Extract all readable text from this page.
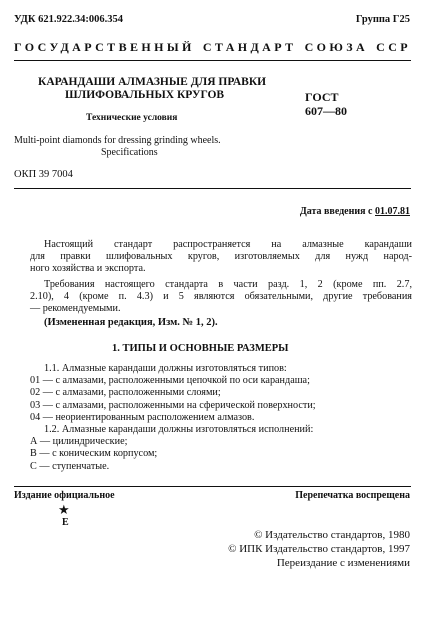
УДК 621.922.34:006.354	Группа Г25
ГОСУДАРСТВЕННЫЙ СТАНДАРТ СОЮЗА ССР
КАРАНДАШИ АЛМАЗНЫЕ ДЛЯ ПРАВКИ
ШЛИФОВАЛЬНЫХ КРУГОВ
Технические условия
Multi-point diamonds for dressing grinding wheels.
Specifications
ГОСТ
607—80
ОКП 39 7004
Дата введения с 01.07.81
Настоящий стандарт распространяется на алмазные карандаши
для правки шлифовальных кругов, изготовляемых для нужд народ-
ного хозяйства и экспорта.
Требования настоящего стандарта в части разд. 1, 2 (кроме пп. 2.7,
2.10), 4 (кроме п. 4.3) и 5 являются обязательными, другие требования
— рекомендуемыми.
(Измененная редакция, Изм. № 1, 2).
1. ТИПЫ И ОСНОВНЫЕ РАЗМЕРЫ
1.1. Алмазные карандаши должны изготовляться типов:
01 — с алмазами, расположенными цепочкой по оси карандаша;
02 — с алмазами, расположенными слоями;
03 — с алмазами, расположенными на сферической поверхности;
04 — неориентированным расположением алмазов.
1.2. Алмазные карандаши должны изготовляться исполнений:
А — цилиндрические;
В — с коническим корпусом;
С — ступенчатые.
Издание официальное	Перепечатка воспрещена
★
Е
© Издательство стандартов, 1980
© ИПК Издательство стандартов, 1997
Переиздание с изменениями
